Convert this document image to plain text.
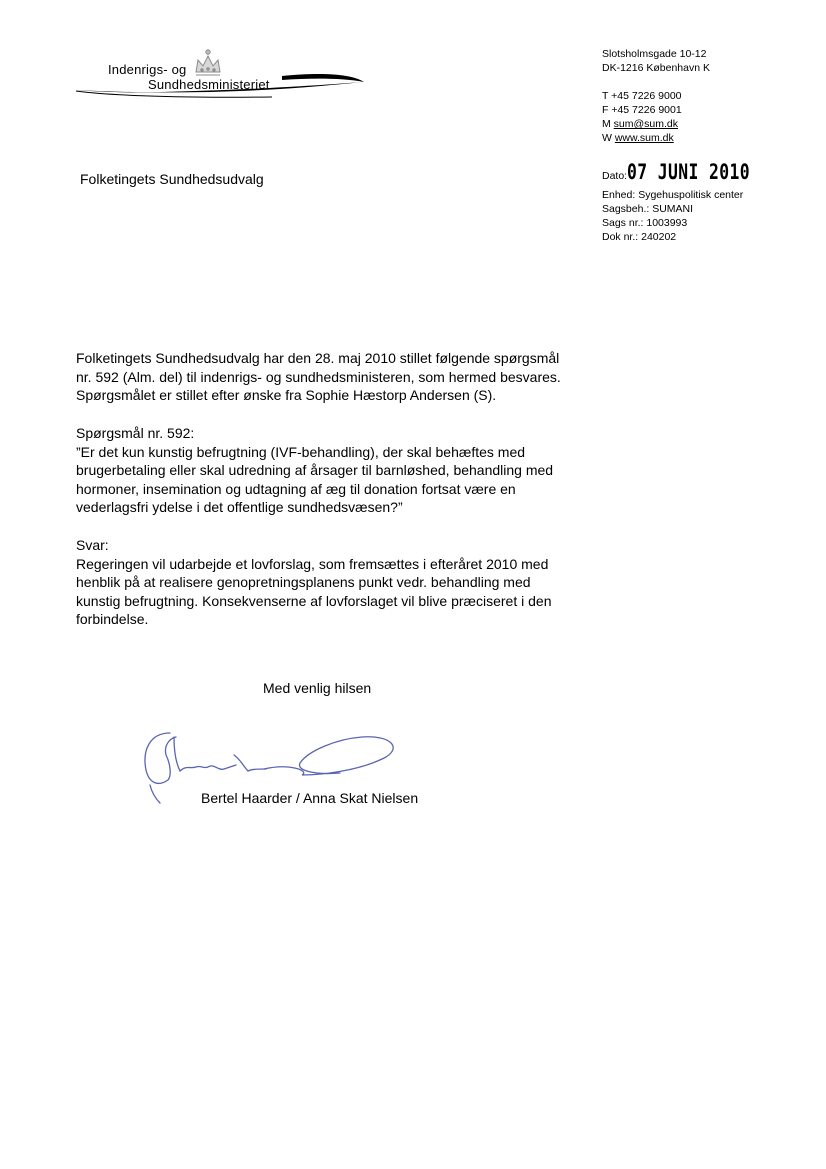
Indenrigs- og
Sundhedsministeriet
Slotsholmsgade 10-12
DK-1216 København K
T +45 7226 9000
F +45 7226 9001
M sum@sum.dk
W www.sum.dk
Folketingets Sundhedsudvalg	Dato:07 JUNI 2010
Enhed: Sygehuspolitisk center
Sagsbeh.: SUMANI
Sags nr.: 1003993
Dok nr.: 240202

Folketingets Sundhedsudvalg har den 28. maj 2010 stillet følgende spørgsmål

nr. 592 (Alm. del) til indenrigs- og sundhedsministeren, som hermed besvares.

Spørgsmålet er stillet efter ønske fra Sophie Hæstorp Andersen (S).

Spørgsmål nr. 592:

”Er det kun kunstig befrugtning (IVF-behandling), der skal behæftes med

brugerbetaling eller skal udredning af årsager til barnløshed, behandling med

hormoner, insemination og udtagning af æg til donation fortsat være en

vederlagsfri ydelse i det offentlige sundhedsvæsen?”

Svar:

Regeringen vil udarbejde et lovforslag, som fremsættes i efteråret 2010 med

henblik på at realisere genopretningsplanens punkt vedr. behandling med

kunstig befrugtning. Konsekvenserne af lovforslaget vil blive præciseret i den

forbindelse.

Med venlig hilsen
Bertel Haarder / Anna Skat Nielsen
